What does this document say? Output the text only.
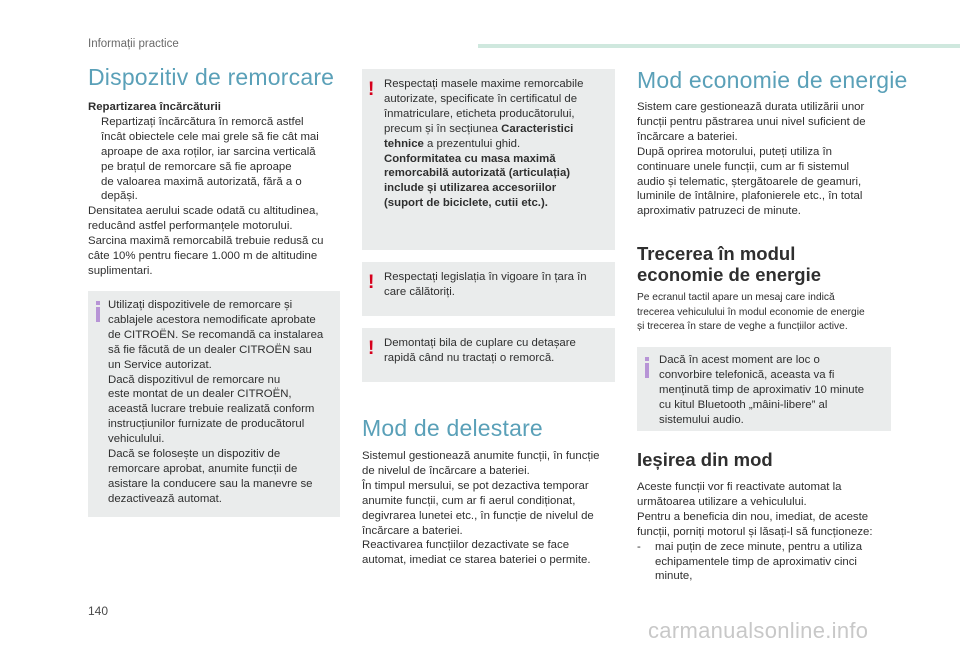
Informații practice
Dispozitiv de remorcare
Repartizarea încărcăturii
Repartizați încărcătura în remorcă astfel
încât obiectele cele mai grele să fie cât mai
aproape de axa roților, iar sarcina verticală
pe brațul de remorcare să fie aproape
de valoarea maximă autorizată, fără a o
depăși.
Densitatea aerului scade odată cu altitudinea,
reducând astfel performanțele motorului.
Sarcina maximă remorcabilă trebuie redusă cu
câte 10% pentru fiecare 1.000 m de altitudine
suplimentari.
Utilizați dispozitivele de remorcare și
cablajele acestora nemodificate aprobate
de CITROËN. Se recomandă ca instalarea
să fie făcută de un dealer CITROËN sau
un Service autorizat.
Dacă dispozitivul de remorcare nu
este montat de un dealer CITROËN,
această lucrare trebuie realizată conform
instrucțiunilor furnizate de producătorul
vehiculului.
Dacă se folosește un dispozitiv de
remorcare aprobat, anumite funcții de
asistare la conducere sau la manevre se
dezactivează automat.
! Respectați masele maxime remorcabile
autorizate, specificate în certificatul de
înmatriculare, eticheta producătorului,
precum și în secțiunea Caracteristici
tehnice a prezentului ghid.
Conformitatea cu masa maximă
remorcabilă autorizată (articulația)
include și utilizarea accesoriilor
(suport de biciclete, cutii etc.).
! Respectați legislația în vigoare în țara în
care călătoriți.
! Demontați bila de cuplare cu detașare
rapidă când nu tractați o remorcă.
Mod de delestare
Sistemul gestionează anumite funcții, în funcție
de nivelul de încărcare a bateriei.
În timpul mersului, se pot dezactiva temporar
anumite funcții, cum ar fi aerul condiționat,
degivrarea lunetei etc., în funcție de nivelul de
încărcare a bateriei.
Reactivarea funcțiilor dezactivate se face
automat, imediat ce starea bateriei o permite.
Mod economie de energie
Sistem care gestionează durata utilizării unor
funcții pentru păstrarea unui nivel suficient de
încărcare a bateriei.
După oprirea motorului, puteți utiliza în
continuare unele funcții, cum ar fi sistemul
audio și telematic, ștergătoarele de geamuri,
luminile de întâlnire, plafonierele etc., în total
aproximativ patruzeci de minute.
Trecerea în modul
economie de energie
Pe ecranul tactil apare un mesaj care indică
trecerea vehiculului în modul economie de energie
și trecerea în stare de veghe a funcțiilor active.
Dacă în acest moment are loc o
convorbire telefonică, aceasta va fi
menținută timp de aproximativ 10 minute
cu kitul Bluetooth „mâini-libere” al
sistemului audio.
Ieșirea din mod
Aceste funcții vor fi reactivate automat la
următoarea utilizare a vehiculului.
Pentru a beneficia din nou, imediat, de aceste
funcții, porniți motorul și lăsați-l să funcționeze:
- mai puțin de zece minute, pentru a utiliza
echipamentele timp de aproximativ cinci
minute,
140
carmanualsonline.info
